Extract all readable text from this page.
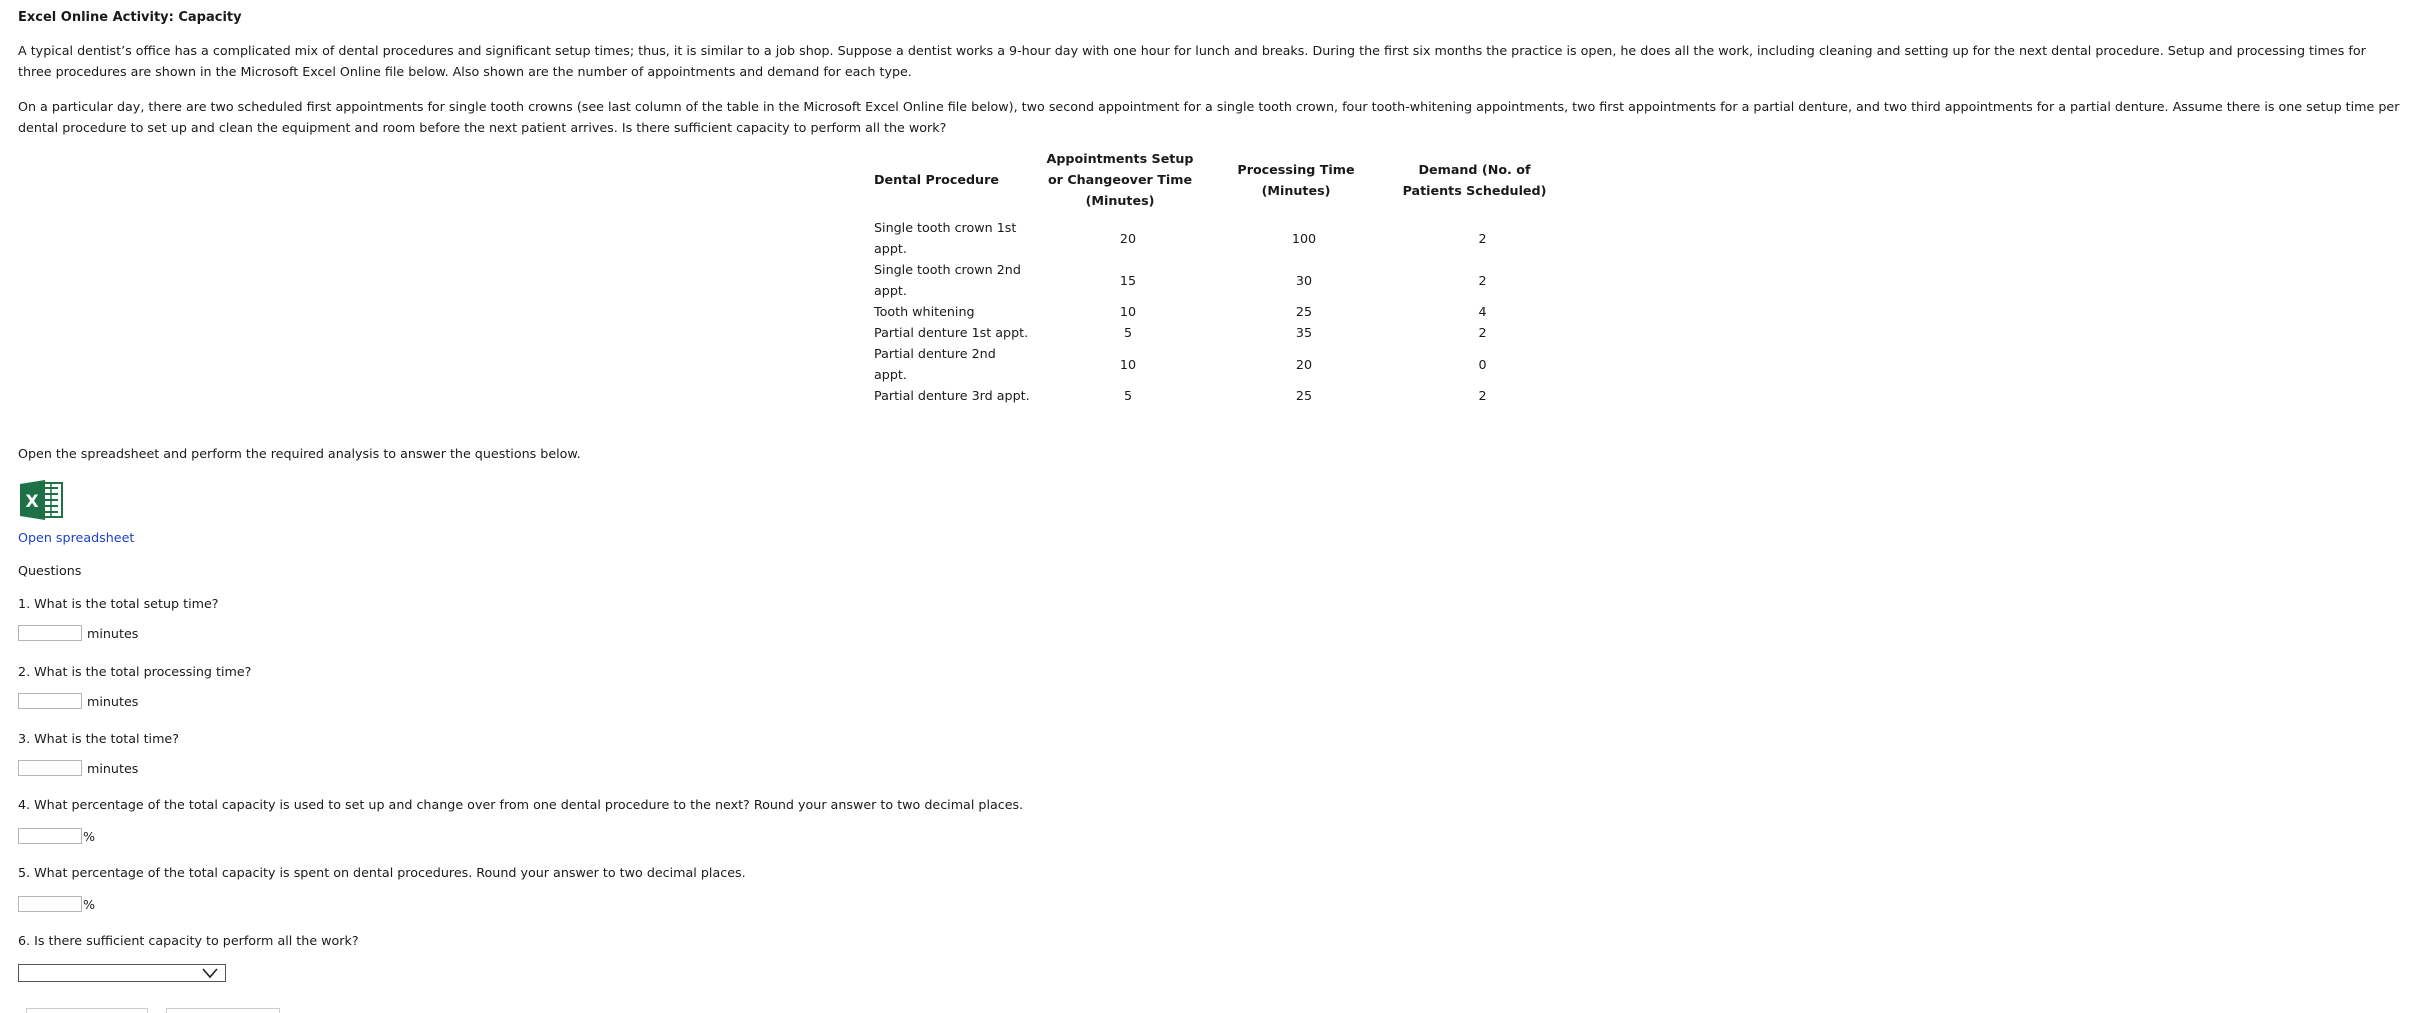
Excel Online Activity: Capacity

A typical dentist’s office has a complicated mix of dental procedures and significant setup times; thus, it is similar to a job shop. Suppose a dentist works a 9-hour day with one hour for lunch and breaks. During the first six months the practice is open, he does all the work, including cleaning and setting up for the next dental procedure. Setup and processing times for three procedures are shown in the Microsoft Excel Online file below. Also shown are the number of appointments and demand for each type.

On a particular day, there are two scheduled first appointments for single tooth crowns (see last column of the table in the Microsoft Excel Online file below), two second appointment for a single tooth crown, four tooth-whitening appointments, two first appointments for a partial denture, and two third appointments for a partial denture. Assume there is one setup time per dental procedure to set up and clean the equipment and room before the next patient arrives. Is there sufficient capacity to perform all the work?

Dental Procedure	Appointments Setup or Changeover Time (Minutes)	Processing Time (Minutes)	Demand (No. of Patients Scheduled)
Single tooth crown 1st appt.	20	100	2
Single tooth crown 2nd appt.	15	30	2
Tooth whitening	10	25	4
Partial denture 1st appt.	5	35	2
Partial denture 2nd appt.	10	20	0
Partial denture 3rd appt.	5	25	2

Open the spreadsheet and perform the required analysis to answer the questions below.

X
Open spreadsheet

Questions

1. What is the total setup time?

minutes

2. What is the total processing time?

minutes

3. What is the total time?

minutes

4. What percentage of the total capacity is used to set up and change over from one dental procedure to the next? Round your answer to two decimal places.

%

5. What percentage of the total capacity is spent on dental procedures. Round your answer to two decimal places.

%

6. Is there sufficient capacity to perform all the work?
